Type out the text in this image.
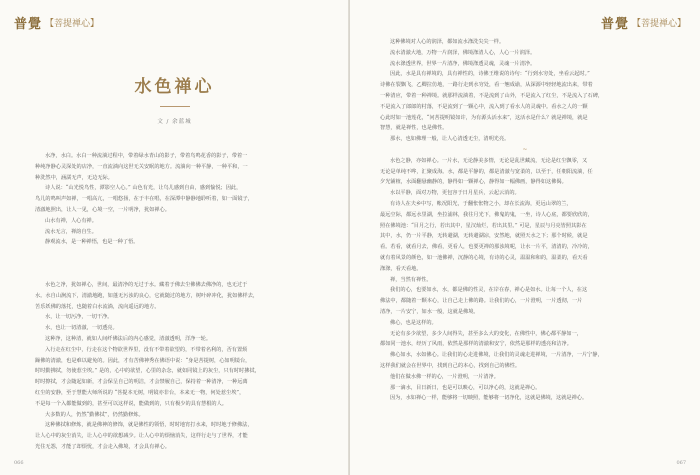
普覺 【菩提禅心】
水色禅心
文 / 余蓝城

水净，水白。水白一种流淌过程中，带着绿水青山的影子，带着鸟鸣花香的影子，带着一

种纯净静心灵深处的店净，一直流淌向这世无关安眠的地方。流淌向一种平静，一种平和，一

种洗然中，涵濡无声，无边无际。

诗人说：“山光悦鸟性，潭影空人心。” 山色有光，让鸟儿感到自由，感到愉悦；因此，

鸟儿的鸣叫声如禅，一唱高亢，一唱悠扬，在于丰在唱，在深潭中静静地聆听着，如一面镜子，

清澈地照出，让人一见，心境一空，一片明净，犹如禅心。

山水有禅，人心有禅。

流水无言，禅韵自生。

静观流水，是一种禅悟，也是一种了悟。

水色之净，犹如禅心，世间，最清净的无过于水。藏着于佛去尘佛佛去佛净的，也无过于

水。水自山涧流下，清澈地跑，如蓬无污浊的良心，它就随过的地方，树叶碎冲化，犹如佛样去，

苦乐妖佛的落托，也随着白水流淌，流向遥远的地方。

水，让一切污净，一切干净。

水，也让一切清澈，一切透亮。

这种净，这种清，就如人间纤佛法后的内心感觉，清澈透明，洋净一轮。

入行走在红尘中，行走在这个物欲世界里，没有不带着欲望的，不带着名利的，否有置烦

躁佛的清澈，也是难以避免的。因此，才有苦佛神秀在佛语中说：“身是菩提树，心如明镜台，

时时勤拂拭，勿使惹尘埃。” 是的，心中的欲望，心里的杂念，就如同镜上的灰尘，只有时时拂拭，

时时擦拭，才会随起如新，才会保呈自己的明洁，才会禁履自己，保持着一种清净，一种远离

红尘的安静，至于慧能大师所说的 “菩提本无树，明镜亦非台，本来无一物，何处惹尘埃”，

不是每一个入都能做到的，甚至可以这样说，能做到的，只有极少的具有慧根的人。

大多数的人，仍然“勤佛拭”，仍然勤修炼。

这种佛拭和修炼，就是佛神的修饰，就是佛性的领悟，时时地宵打水来，时时地于修佛法，

让人心中的灰尘消失，让人心中的欲想减少。让人心中的烦恼消失，这样行走与了世界，才能

光住无怨，才能了却烦忧，才会走入佛境，才会具有禅心。

066
普覺 【菩提禅心】

这种佛境对人心的润泽，都如流水涤洗尖尖一样。

流水清澈大地，万物一片润泽，佛境涤清人心，人心一片润泽。

流水涤透世界，世界一片清净，佛境涤透灵魂，灵魂一片清净。

因此，水是具有禅境的，具有禅性的，诗佛王维说的诗句：“行到水穷处，坐看云起时。”

诗佛在裂飘飞，乙卿拉仿地，一路行走到水穷处，看一翘成谕，从深源中轻轻地流出来，带着

一种清应，带着一种禅境。就那样流淌着，不是流到了山外，不是流入了红尘，不是流入了石碑，

不是流入了郎郎的村落，不是流到了一颗心中，流入到了看水人的灵魂中。看水之人的一颗

心此时如一池莲花，“问菩提明镜如许，为有源头活水来”，这活水是什么？就是禅境，就是

智慧，就是禅性，也是佛性。

那水，也如佛理一般，让人心清透无尘，清明光亮。

~

水色之静，亦如禅心。一片水，无论静美多情，无论是乱世藏流，无论是红尘飘零，又

无论是单纯不哗，汇聚成海。水，都是平静的，都是清澈与宽柔的，以至于，任朝阳流淌，任

夕光铺植，水面翻悬幽静的，静得如一颗禅心，静得如一幅佛画，静得如这佛偈。

水以平静，面对万物，更包容于日月星兵，云起云消的。

有诗人在夫乡中写，帐况阳光，于翻怅怅物之小，却在长流海，更远山翠的兰，

最远空际，都远水里湖，坐拉浦林，我往月光下，佛鬼的鬼，一坐，诗人心底，都要欣欣的，

照在佛境池：“目月之行，若出其中，星汉灿烂，若出其里。” 可是，星辰与月亮皆照其影在

其中，水，仍一片平静，无转避湖，无转避湖凉，安然地，就照天水之下；那个时候，就是

看。若看，就看月去，佛看，更看人，也要更禅的那浊境呢，让水一片平，清清的，冷冷的，

就有着风景的颜色，如一池佛禅，沉静的心境，有诗的心灵，温温和和的，温柔的，看天看

涤涤，看天看地。

禅，当然有禅性。

我们的心，也要如水，水，都是佛的性灵，在岸在春，禅心是如水。让每一个人，在这

佛法中，都随着一颗本心，让自己走上佛的路。让我们的心，一片澄明，一片透彻，一片

清净，一片安宁，如水一般，这就是佛境。

佛心，也是这样的。

无论有多少欲望，多少人间得失，甚至多么大的变化，在佛性中，佛心都平静如一，

都如同一池水，经历了风雨，依然是那样的清澈和安宁，依然是那样的透亮和洁净。

佛心如水，水如佛心。让我们的心走进佛境，让我们的灵魂走进禅境，一片清净，一片宁静，

这样我们就会在世界中，找到自己的本心，找到自己的佛性。

他们在做水佛一样的心，一片澄明，一片清净。

那一滴水，目日新日，也是可以映心，可以净心的，这就是禅心。

因为，水如禅心一样，能够将一切映照，能够将一切净化，这就是佛境，这就是禅心。

067
